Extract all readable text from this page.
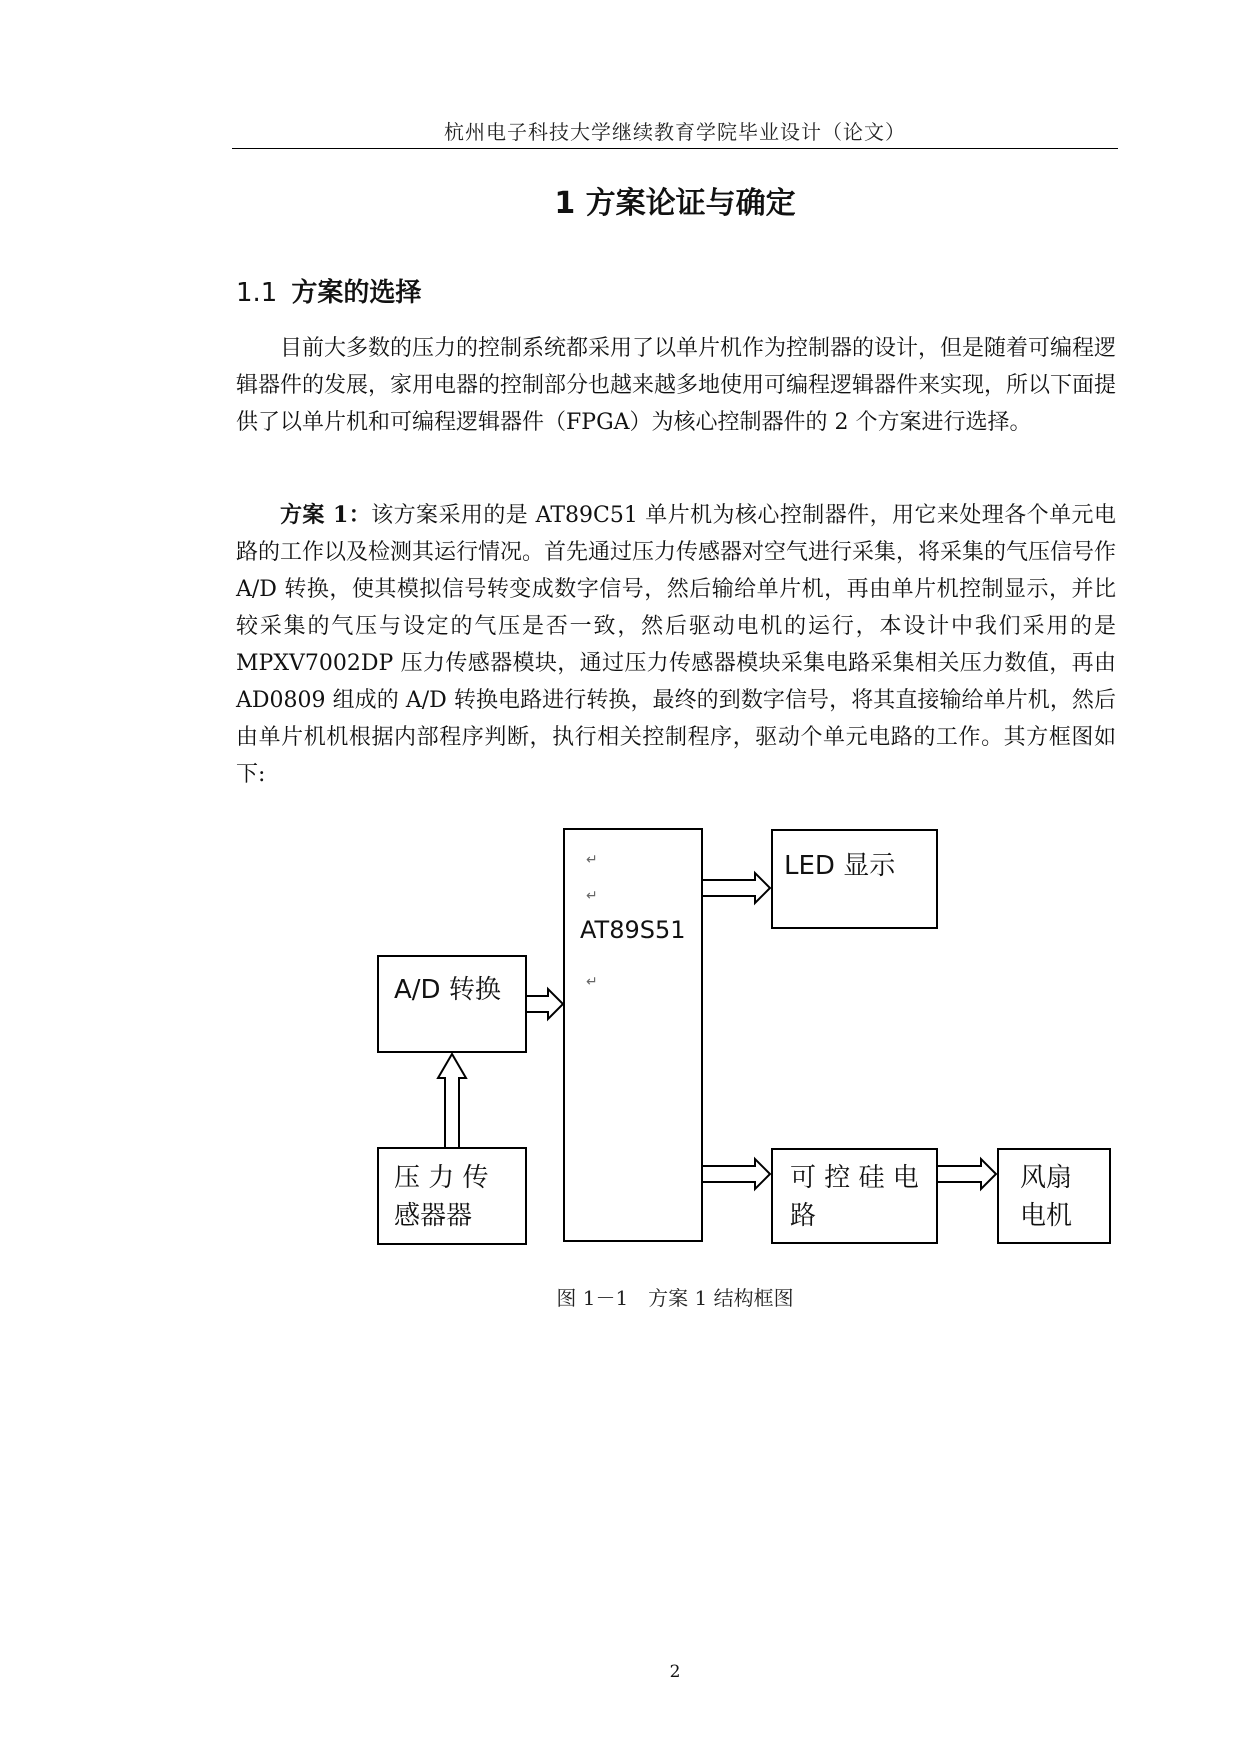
杭州电子科技大学继续教育学院毕业设计（论文）
1 方案论证与确定
1.1 方案的选择

目前大多数的压力的控制系统都采用了以单片机作为控制器的设计，但是随着可编程逻辑器件的发展，家用电器的控制部分也越来越多地使用可编程逻辑器件来实现，所以下面提供了以单片机和可编程逻辑器件（FPGA）为核心控制器件的 2 个方案进行选择。

方案 1：该方案采用的是 AT89C51 单片机为核心控制器件，用它来处理各个单元电路的工作以及检测其运行情况。首先通过压力传感器对空气进行采集，将采集的气压信号作 A/D 转换，使其模拟信号转变成数字信号，然后输给单片机，再由单片机控制显示，并比较采集的气压与设定的气压是否一致，然后驱动电机的运行，本设计中我们采用的是 MPXV7002DP 压力传感器模块，通过压力传感器模块采集电路采集相关压力数值，再由 AD0809 组成的 A/D 转换电路进行转换，最终的到数字信号，将其直接输给单片机，然后由单片机机根据内部程序判断，执行相关控制程序，驱动个单元电路的工作。其方框图如下:

↵
↵
AT89S51
↵
LED 显示
A/D 转换
压 力 传
感器器
可 控 硅 电
路
风扇
电机
图 1－1　方案 1 结构框图
2
